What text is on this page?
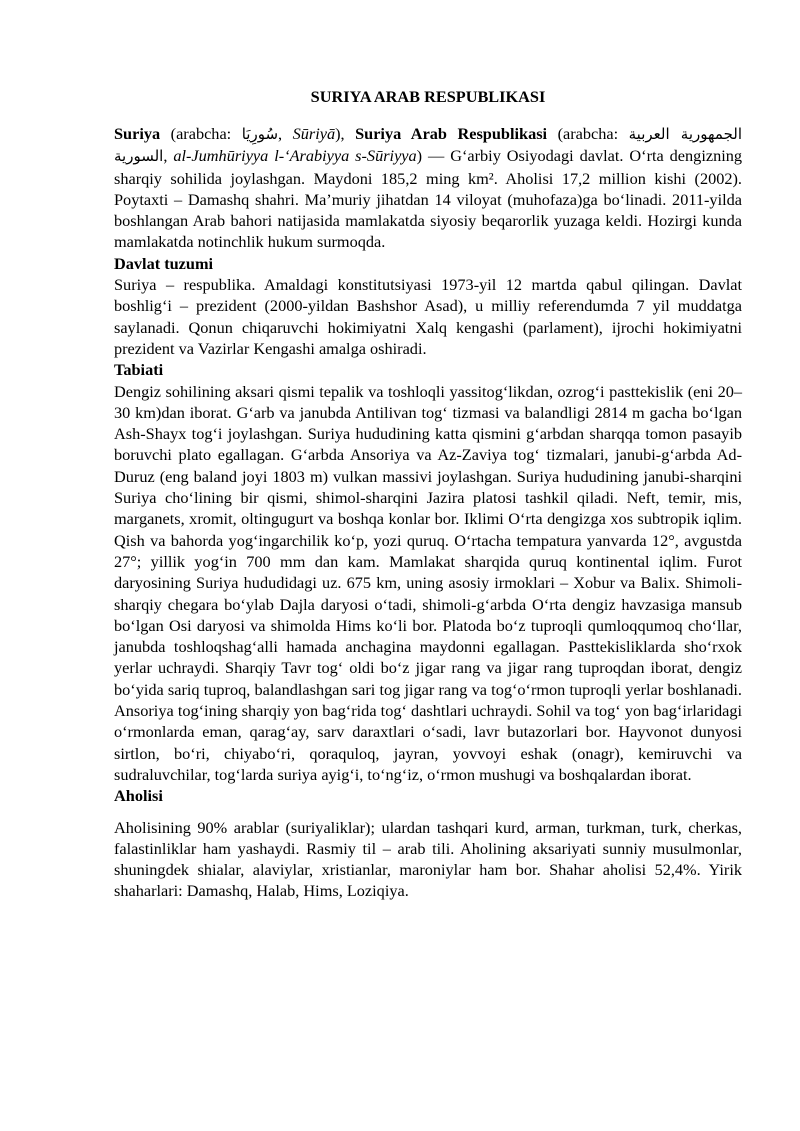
SURIYA ARAB RESPUBLIKASI

Suriya (arabcha: سُورِيَا, Sūriyā), Suriya Arab Respublikasi (arabcha: الجمهورية العربية السورية, al-Jumhūriyya l-ʻArabiyya s-Sūriyya) — Gʻarbiy Osiyodagi davlat. Oʻrta dengizning sharqiy sohilida joylashgan. Maydoni 185,2 ming km². Aholisi 17,2 million kishi (2002). Poytaxti – Damashq shahri. Ma’muriy jihatdan 14 viloyat (muhofaza)ga boʻlinadi. 2011-yilda boshlangan Arab bahori natijasida mamlakatda siyosiy beqarorlik yuzaga keldi. Hozirgi kunda mamlakatda notinchlik hukum surmoqda.

Davlat tuzumi

Suriya – respublika. Amaldagi konstitutsiyasi 1973-yil 12 martda qabul qilingan. Davlat boshligʻi – prezident (2000-yildan Bashshor Asad), u milliy referendumda 7 yil muddatga saylanadi. Qonun chiqaruvchi hokimiyatni Xalq kengashi (parlament), ijrochi hokimiyatni prezident va Vazirlar Kengashi amalga oshiradi.

Tabiati

Dengiz sohilining aksari qismi tepalik va toshloqli yassitogʻlikdan, ozrogʻi pasttekislik (eni 20–30 km)dan iborat. Gʻarb va janubda Antilivan togʻ tizmasi va balandligi 2814 m gacha boʻlgan Ash-Shayx togʻi joylashgan. Suriya hududining katta qismini gʻarbdan sharqqa tomon pasayib boruvchi plato egallagan. Gʻarbda Ansoriya va Az-Zaviya togʻ tizmalari, janubi-gʻarbda Ad-Duruz (eng baland joyi 1803 m) vulkan massivi joylashgan. Suriya hududining janubi-sharqini Suriya choʻlining bir qismi, shimol-sharqini Jazira platosi tashkil qiladi. Neft, temir, mis, marganets, xromit, oltingugurt va boshqa konlar bor. Iklimi Oʻrta dengizga xos subtropik iqlim. Qish va bahorda yogʻingarchilik koʻp, yozi quruq. Oʻrtacha tempatura yanvarda 12°, avgustda 27°; yillik yogʻin 700 mm dan kam. Mamlakat sharqida quruq kontinental iqlim. Furot daryosining Suriya hududidagi uz. 675 km, uning asosiy irmoklari – Xobur va Balix. Shimoli-sharqiy chegara boʻylab Dajla daryosi oʻtadi, shimoli-gʻarbda Oʻrta dengiz havzasiga mansub boʻlgan Osi daryosi va shimolda Hims koʻli bor. Platoda boʻz tuproqli qumloqqumoq choʻllar, janubda toshloqshagʻalli hamada anchagina maydonni egallagan. Pasttekisliklarda shoʻrxok yerlar uchraydi. Sharqiy Tavr togʻ oldi boʻz jigar rang va jigar rang tuproqdan iborat, dengiz boʻyida sariq tuproq, balandlashgan sari tog jigar rang va togʻoʻrmon tuproqli yerlar boshlanadi. Ansoriya togʻining sharqiy yon bagʻrida togʻ dashtlari uchraydi. Sohil va togʻ yon bagʻirlaridagi oʻrmonlarda eman, qaragʻay, sarv daraxtlari oʻsadi, lavr butazorlari bor. Hayvonot dunyosi sirtlon, boʻri, chiyaboʻri, qoraquloq, jayran, yovvoyi eshak (onagr), kemiruvchi va sudraluvchilar, togʻlarda suriya ayigʻi, toʻngʻiz, oʻrmon mushugi va boshqalardan iborat.

Aholisi

Aholisining 90% arablar (suriyaliklar); ulardan tashqari kurd, arman, turkman, turk, cherkas, falastinliklar ham yashaydi. Rasmiy til – arab tili. Aholining aksariyati sunniy musulmonlar, shuningdek shialar, alaviylar, xristianlar, maroniylar ham bor. Shahar aholisi 52,4%. Yirik shaharlari: Damashq, Halab, Hims, Loziqiya.
